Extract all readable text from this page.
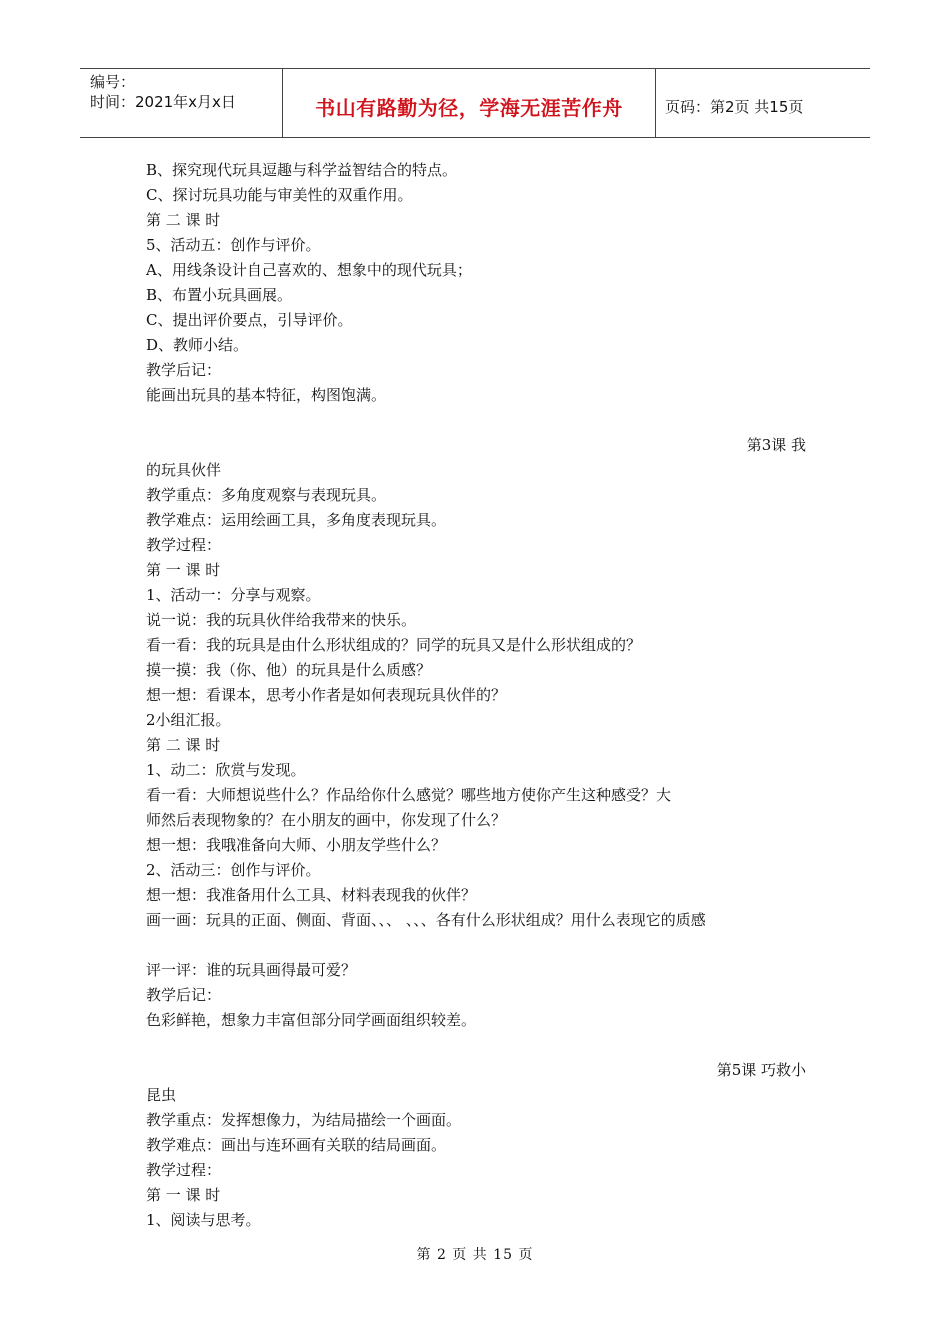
编号：
时间：2021年x月x日	书山有路勤为径，学海无涯苦作舟	页码：第2页 共15页
B、探究现代玩具逗趣与科学益智结合的特点。
C、探讨玩具功能与审美性的双重作用。
第 二 课 时
5、活动五：创作与评价。
A、用线条设计自己喜欢的、想象中的现代玩具；
B、布置小玩具画展。
C、提出评价要点，引导评价。
D、教师小结。
教学后记：
能画出玩具的基本特征，构图饱满。
第3课 我
的玩具伙伴
教学重点：多角度观察与表现玩具。
教学难点：运用绘画工具，多角度表现玩具。
教学过程：
第 一 课 时
1、活动一：分享与观察。
说一说：我的玩具伙伴给我带来的快乐。
看一看：我的玩具是由什么形状组成的？同学的玩具又是什么形状组成的？
摸一摸：我（你、他）的玩具是什么质感？
想一想：看课本，思考小作者是如何表现玩具伙伴的？
2小组汇报。
第 二 课 时
1、动二：欣赏与发现。
看一看：大师想说些什么？作品给你什么感觉？哪些地方使你产生这种感受？大
师然后表现物象的？在小朋友的画中，你发现了什么？
想一想：我哦准备向大师、小朋友学些什么？
2、活动三：创作与评价。
想一想：我准备用什么工具、材料表现我的伙伴？
画一画：玩具的正面、侧面、背面、、、 、、、各有什么形状组成？用什么表现它的质感
评一评：谁的玩具画得最可爱？
教学后记：
色彩鲜艳，想象力丰富但部分同学画面组织较差。
第5课 巧救小
昆虫
教学重点：发挥想像力，为结局描绘一个画面。
教学难点：画出与连环画有关联的结局画面。
教学过程：
第 一 课 时
1、阅读与思考。
第 2 页 共 15 页
